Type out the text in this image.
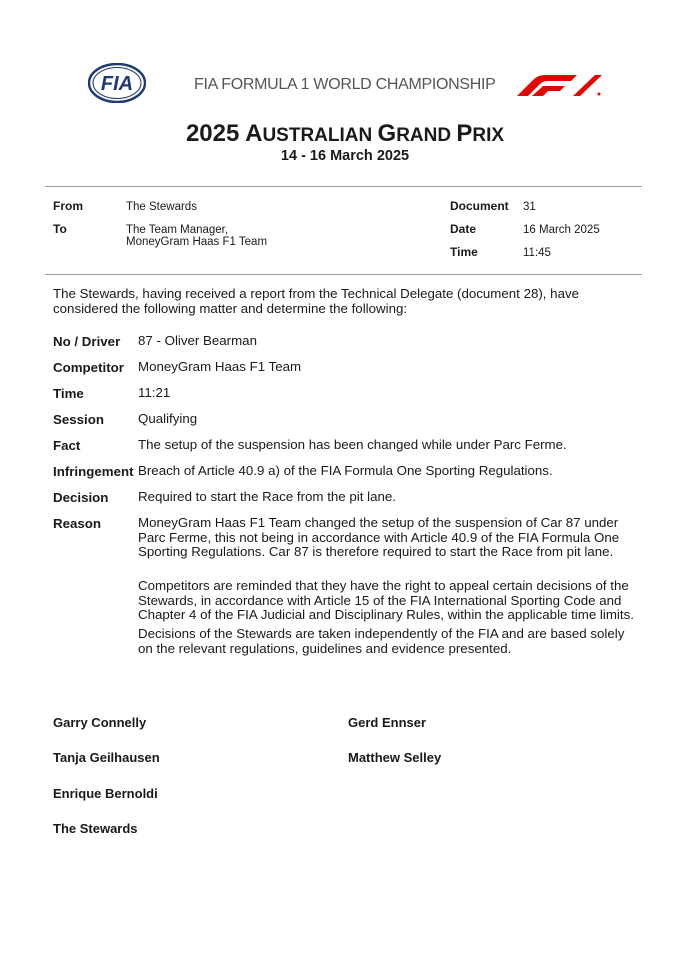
FIA	FIA FORMULA 1 WORLD CHAMPIONSHIP
2025 AUSTRALIAN GRAND PRIX
14 - 16 March 2025
From	The Stewards
To	The Team Manager,
MoneyGram Haas F1 Team
Document 31
Date	16 March 2025
Time	11:45
The Stewards, having received a report from the Technical Delegate (document 28), have
considered the following matter and determine the following:
No / Driver 87 - Oliver Bearman
Competitor MoneyGram Haas F1 Team
Time	11:21
Session	Qualifying
Fact	The setup of the suspension has been changed while under Parc Ferme.
Infringement Breach of Article 40.9 a) of the FIA Formula One Sporting Regulations.
Decision Required to start the Race from the pit lane.
Reason	MoneyGram Haas F1 Team changed the setup of the suspension of Car 87 under
Parc Ferme, this not being in accordance with Article 40.9 of the FIA Formula One
Sporting Regulations. Car 87 is therefore required to start the Race from pit lane.
Competitors are reminded that they have the right to appeal certain decisions of the
Stewards, in accordance with Article 15 of the FIA International Sporting Code and
Chapter 4 of the FIA Judicial and Disciplinary Rules, within the applicable time limits.
Decisions of the Stewards are taken independently of the FIA and are based solely
on the relevant regulations, guidelines and evidence presented.
Garry Connelly	Gerd Ennser
Tanja Geilhausen	Matthew Selley
Enrique Bernoldi
The Stewards
